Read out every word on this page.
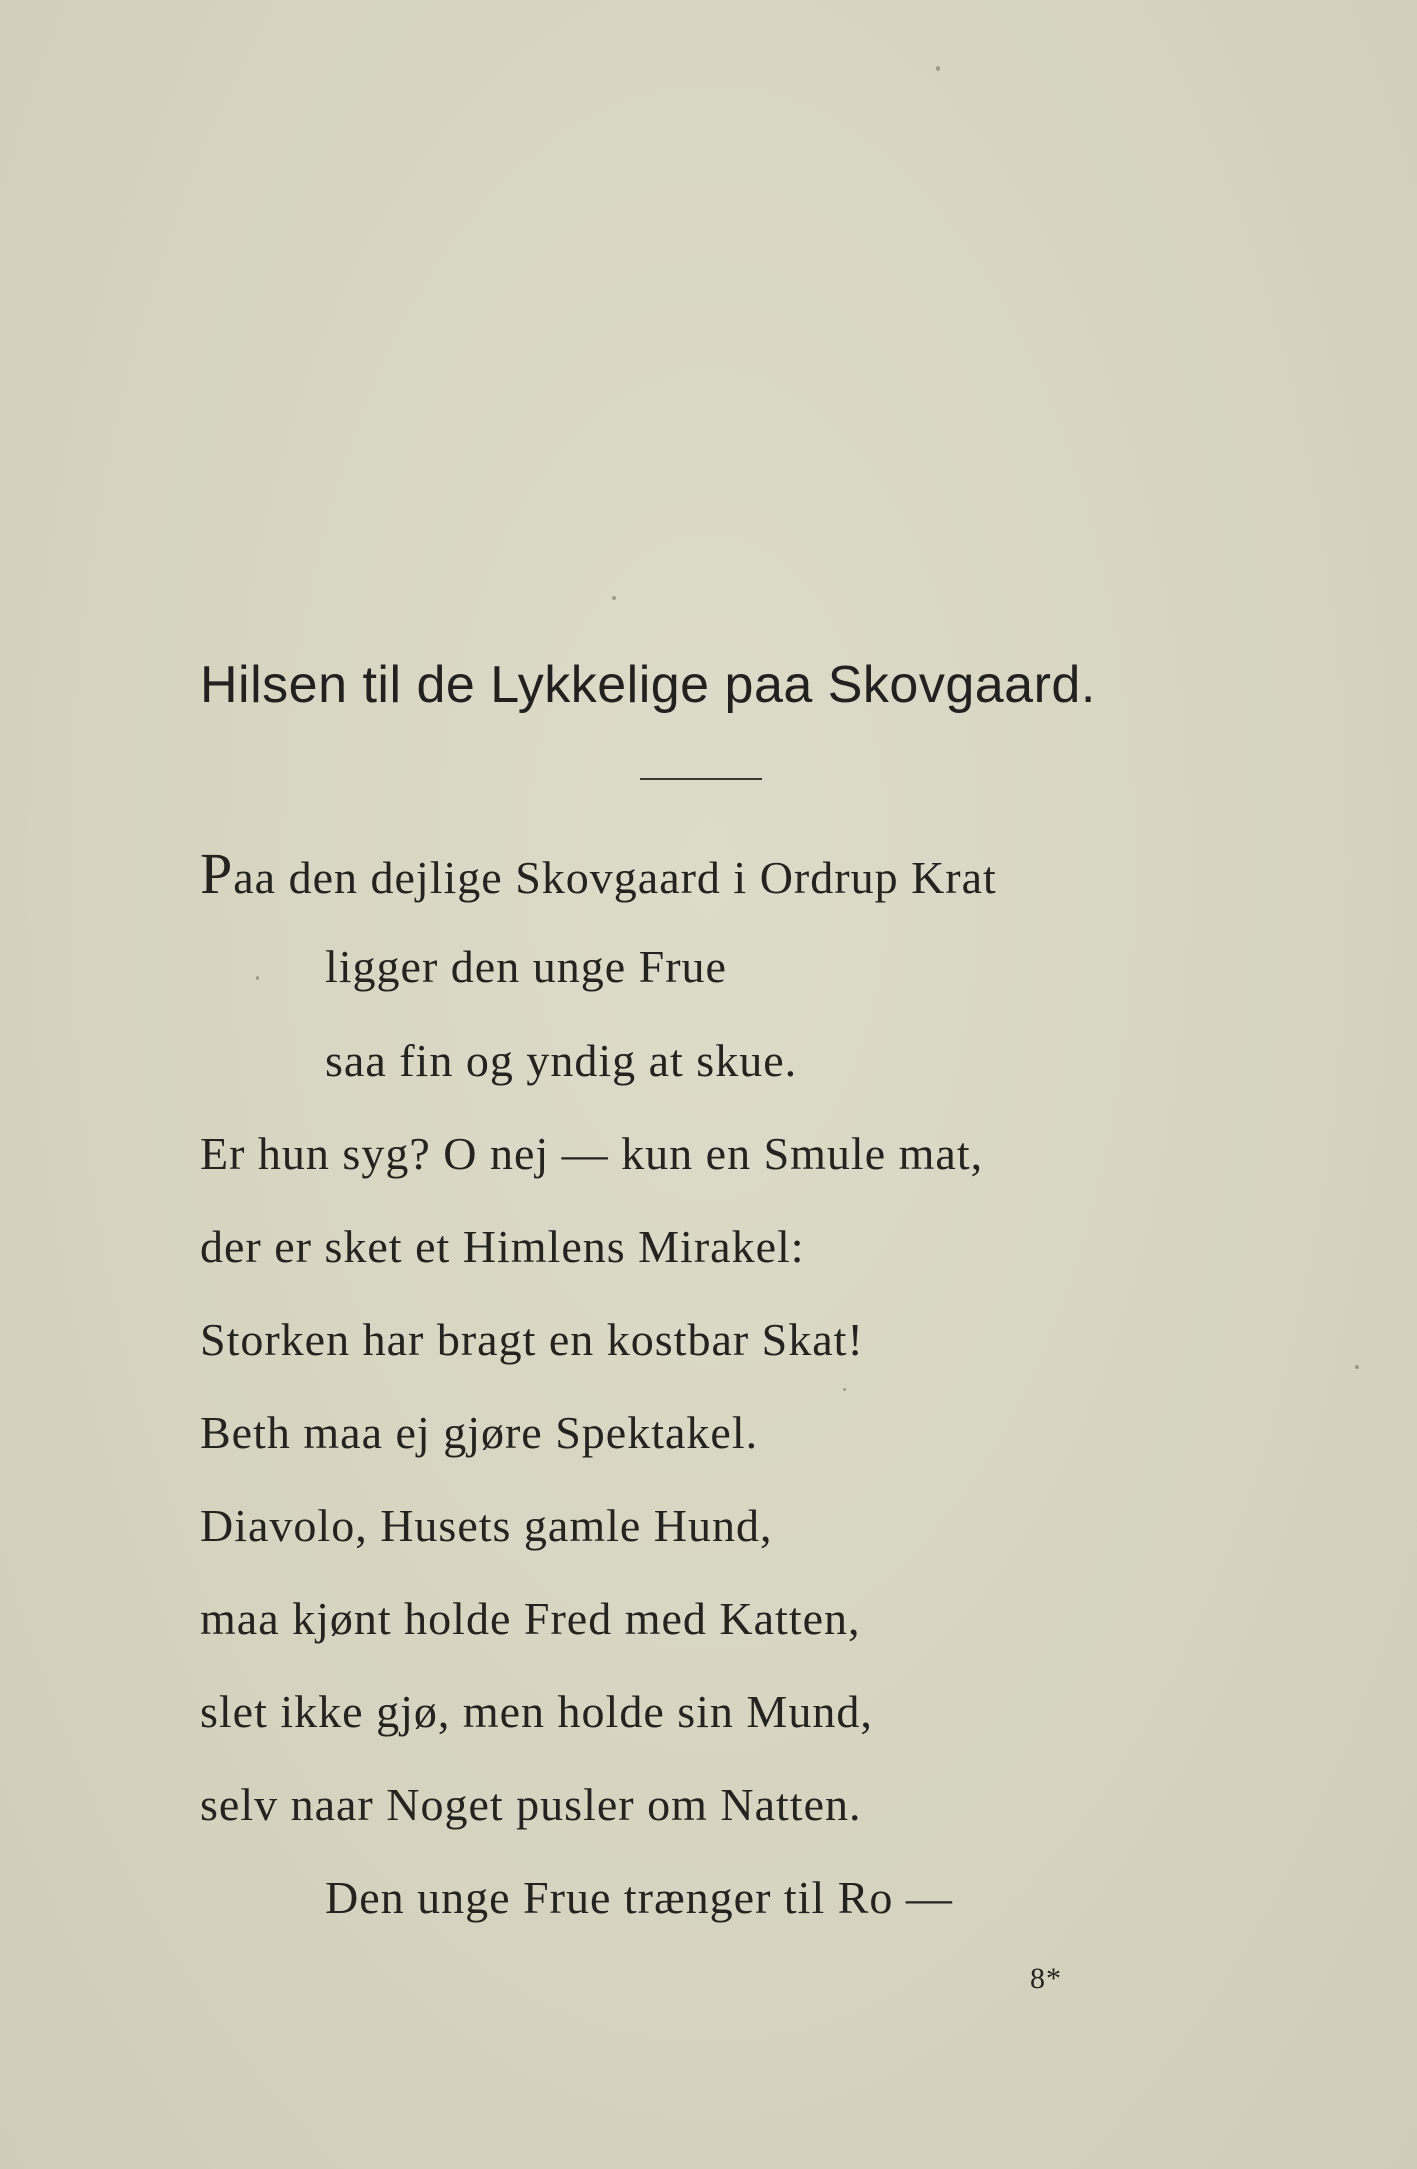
Hilsen til de Lykkelige paa Skovgaard.
Paa den dejlige Skovgaard i Ordrup Krat
ligger den unge Frue
saa fin og yndig at skue.
Er hun syg? O nej — kun en Smule mat,
der er sket et Himlens Mirakel:
Storken har bragt en kostbar Skat!
Beth maa ej gjøre Spektakel.
Diavolo, Husets gamle Hund,
maa kjønt holde Fred med Katten,
slet ikke gjø, men holde sin Mund,
selv naar Noget pusler om Natten.
Den unge Frue trænger til Ro —
8*
